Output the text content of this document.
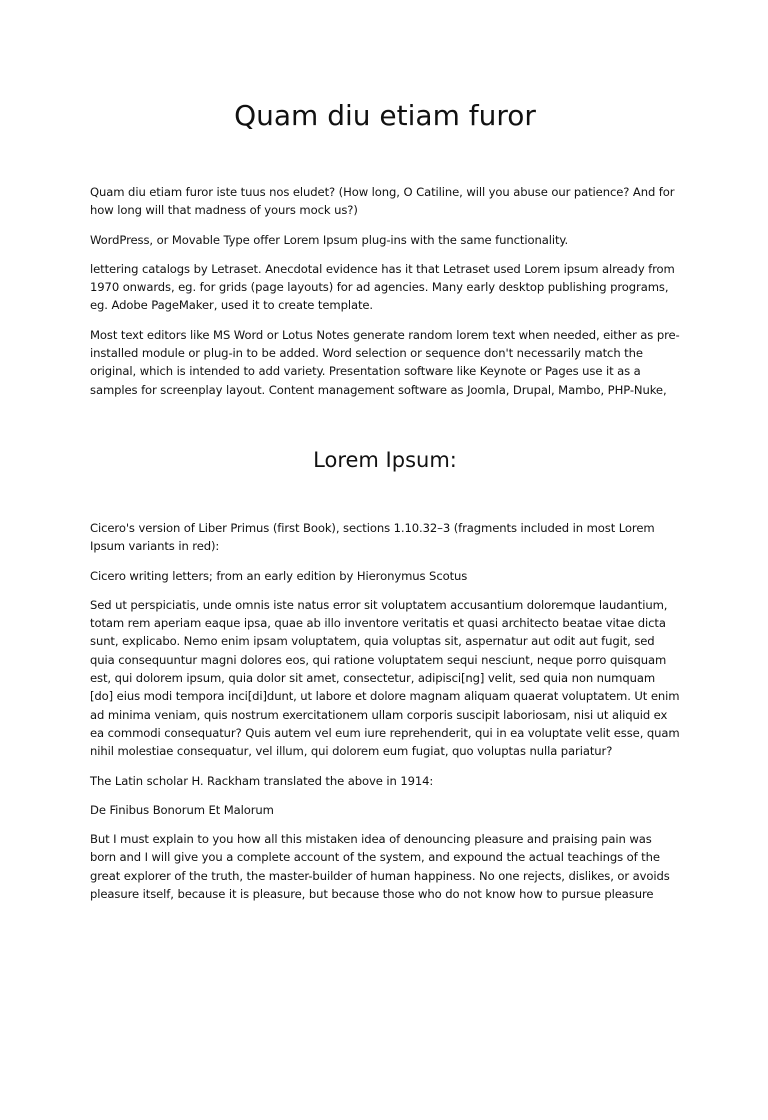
Quam diu etiam furor

Quam diu etiam furor iste tuus nos eludet? (How long, O Catiline, will you abuse our patience? And for how long will that madness of yours mock us?)

WordPress, or Movable Type offer Lorem Ipsum plug-ins with the same functionality.

lettering catalogs by Letraset. Anecdotal evidence has it that Letraset used Lorem ipsum already from 1970 onwards, eg. for grids (page layouts) for ad agencies. Many early desktop publishing programs, eg. Adobe PageMaker, used it to create template.

Most text editors like MS Word or Lotus Notes generate random lorem text when needed, either as pre-installed module or plug-in to be added. Word selection or sequence don't necessarily match the original, which is intended to add variety. Presentation software like Keynote or Pages use it as a samples for screenplay layout. Content management software as Joomla, Drupal, Mambo, PHP-Nuke,

Lorem Ipsum:

Cicero's version of Liber Primus (first Book), sections 1.10.32–3 (fragments included in most Lorem Ipsum variants in red):

Cicero writing letters; from an early edition by Hieronymus Scotus

Sed ut perspiciatis, unde omnis iste natus error sit voluptatem accusantium doloremque laudantium, totam rem aperiam eaque ipsa, quae ab illo inventore veritatis et quasi architecto beatae vitae dicta sunt, explicabo. Nemo enim ipsam voluptatem, quia voluptas sit, aspernatur aut odit aut fugit, sed quia consequuntur magni dolores eos, qui ratione voluptatem sequi nesciunt, neque porro quisquam est, qui dolorem ipsum, quia dolor sit amet, consectetur, adipisci[ng] velit, sed quia non numquam [do] eius modi tempora inci[di]dunt, ut labore et dolore magnam aliquam quaerat voluptatem. Ut enim ad minima veniam, quis nostrum exercitationem ullam corporis suscipit laboriosam, nisi ut aliquid ex ea commodi consequatur? Quis autem vel eum iure reprehenderit, qui in ea voluptate velit esse, quam nihil molestiae consequatur, vel illum, qui dolorem eum fugiat, quo voluptas nulla pariatur?

The Latin scholar H. Rackham translated the above in 1914:

De Finibus Bonorum Et Malorum

But I must explain to you how all this mistaken idea of denouncing pleasure and praising pain was born and I will give you a complete account of the system, and expound the actual teachings of the great explorer of the truth, the master-builder of human happiness. No one rejects, dislikes, or avoids pleasure itself, because it is pleasure, but because those who do not know how to pursue pleasure
